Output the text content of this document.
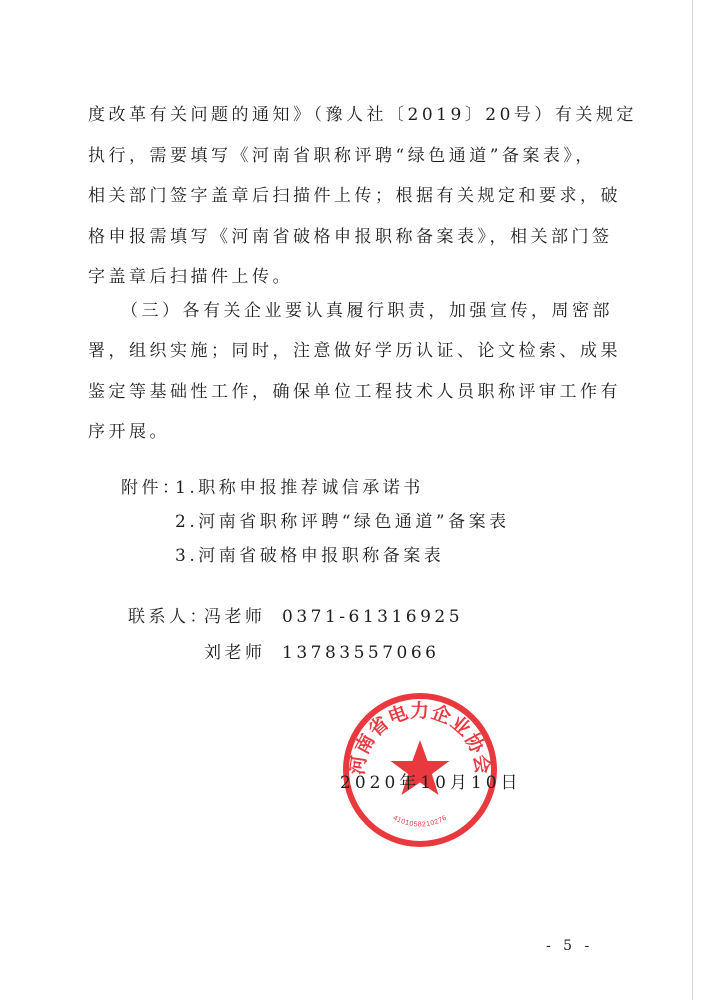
度改革有关问题的通知》（豫人社〔2019〕20号）有关规定
执行，需要填写《河南省职称评聘“绿色通道”备案表》，
相关部门签字盖章后扫描件上传；根据有关规定和要求，破
格申报需填写《河南省破格申报职称备案表》，相关部门签
字盖章后扫描件上传。
（三）各有关企业要认真履行职责，加强宣传，周密部
署，组织实施；同时，注意做好学历认证、论文检索、成果
鉴定等基础性工作，确保单位工程技术人员职称评审工作有
序开展。
附件：
1.职称申报推荐诚信承诺书
2.河南省职称评聘“绿色通道”备案表
3.河南省破格申报职称备案表
联系人：
冯老师 0371-61316925
刘老师 13783557066
河南省电力企业协会
4101058210276
2020年10月10日
- 5 -
